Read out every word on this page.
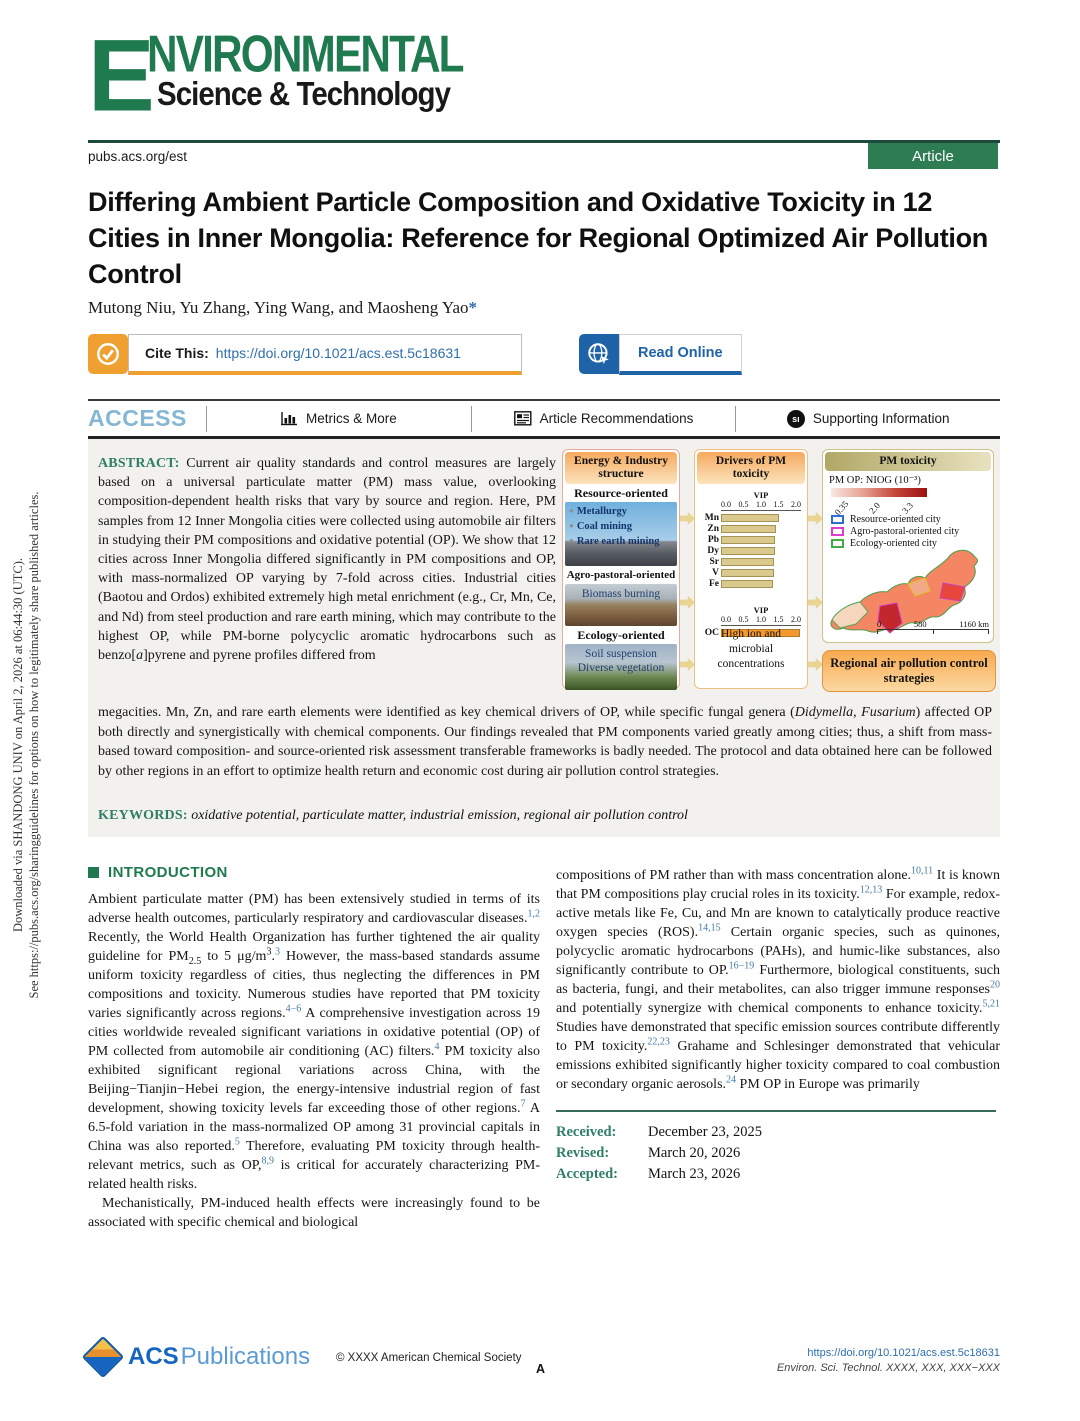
Downloaded via SHANDONG UNIV on April 2, 2026 at 06:44:30 (UTC). See https://pubs.acs.org/sharingguidelines for options on how to legitimately share published articles.
E
NVIRONMENTAL
Science & Technology
pubs.acs.org/est	Article
Differing Ambient Particle Composition and Oxidative Toxicity in 12 Cities in Inner Mongolia: Reference for Regional Optimized Air Pollution Control
Mutong Niu, Yu Zhang, Ying Wang, and Maosheng Yao*
Cite This: https://doi.org/10.1021/acs.est.5c18631	Read Online
ACCESS	Metrics & More	Article Recommendations	sı Supporting Information
ABSTRACT: Current air quality standards and control measures are largely based on a universal particulate matter (PM) mass value, overlooking composition-dependent health risks that vary by source and region. Here, PM samples from 12 Inner Mongolia cities were collected using automobile air filters in studying their PM compositions and oxidative potential (OP). We show that 12 cities across Inner Mongolia differed significantly in PM compositions and OP, with mass-normalized OP varying by 7-fold across cities. Industrial cities (Baotou and Ordos) exhibited extremely high metal enrichment (e.g., Cr, Mn, Ce, and Nd) from steel production and rare earth mining, which may contribute to the highest OP, while PM-borne polycyclic aromatic hydrocarbons such as benzo[a]pyrene and pyrene profiles differed from
Energy & Industry structure
Resource-oriented
● Metallurgy
● Coal mining
● Rare earth mining
Agro-pastoral-oriented
Biomass burning
Ecology-oriented
Soil suspension
Diverse vegetation
Drivers of PM toxicity
VIP
0.0 0.5 1.0 1.5 2.0
Mn
Zn
Pb
Dy
Sr
V
Fe
VIP
0.0 0.5 1.0 1.5 2.0
OC High ion and microbial concentrations
PM toxicity
PM OP: NIOG (10⁻³)
0.35	2.0	3.3
Resource-oriented city
Agro-pastoral-oriented city
Ecology-oriented city
0	580	1160 km
Regional air pollution control strategies
megacities. Mn, Zn, and rare earth elements were identified as key chemical drivers of OP, while specific fungal genera (Didymella, Fusarium) affected OP both directly and synergistically with chemical components. Our findings revealed that PM components varied greatly among cities; thus, a shift from mass-based toward composition- and source-oriented risk assessment transferable frameworks is badly needed. The protocol and data obtained here can be followed by other regions in an effort to optimize health return and economic cost during air pollution control strategies.
KEYWORDS: oxidative potential, particulate matter, industrial emission, regional air pollution control
INTRODUCTION

Ambient particulate matter (PM) has been extensively studied in terms of its adverse health outcomes, particularly respiratory and cardiovascular diseases.$^{1,2}$ Recently, the World Health Organization has further tightened the air quality guideline for $PM_{2.5}$ to 5 $\mu g/m^3.^3$ However, the mass-based standards assume uniform toxicity regardless of cities, thus neglecting the differences in PM compositions and toxicity. Numerous studies have reported that PM toxicity varies significantly across regions.$^{4-6}$ A comprehensive investigation across 19 cities worldwide revealed significant variations in oxidative potential (OP) of PM collected from automobile air conditioning (AC) filters.$^4$ PM toxicity also exhibited significant regional variations across China, with the Beijing−Tianjin−Hebei region, the energy-intensive industrial region of fast development, showing toxicity levels far exceeding those of other regions.$^7$ A 6.5-fold variation in the mass-normalized OP among 31 provincial capitals in China was also reported.$^5$ Therefore, evaluating PM toxicity through health-relevant metrics, such as OP,$^{8,9}$ is critical for accurately characterizing PM-related health risks.

Mechanistically, PM-induced health effects were increasingly found to be associated with specific chemical and biological

compositions of PM rather than with mass concentration alone.$^{10,11}$ It is known that PM compositions play crucial roles in its toxicity.$^{12,13}$ For example, redox-active metals like Fe, Cu, and Mn are known to catalytically produce reactive oxygen species (ROS).$^{14,15}$ Certain organic species, such as quinones, polycyclic aromatic hydrocarbons (PAHs), and humic-like substances, also significantly contribute to OP.$^{16-19}$ Furthermore, biological constituents, such as bacteria, fungi, and their metabolites, can also trigger immune responses$^{20}$ and potentially synergize with chemical components to enhance toxicity.$^{5,21}$ Studies have demonstrated that specific emission sources contribute differently to PM toxicity.$^{22,23}$ Grahame and Schlesinger demonstrated that vehicular emissions exhibited significantly higher toxicity compared to coal combustion or secondary organic aerosols.$^{24}$ PM OP in Europe was primarily

Received:	December 23, 2025
Revised:	March 20, 2026
Accepted:	March 23, 2026
ACSPublications © XXXX American Chemical Society
A
https://doi.org/10.1021/acs.est.5c18631
Environ. Sci. Technol. XXXX, XXX, XXX−XXX
